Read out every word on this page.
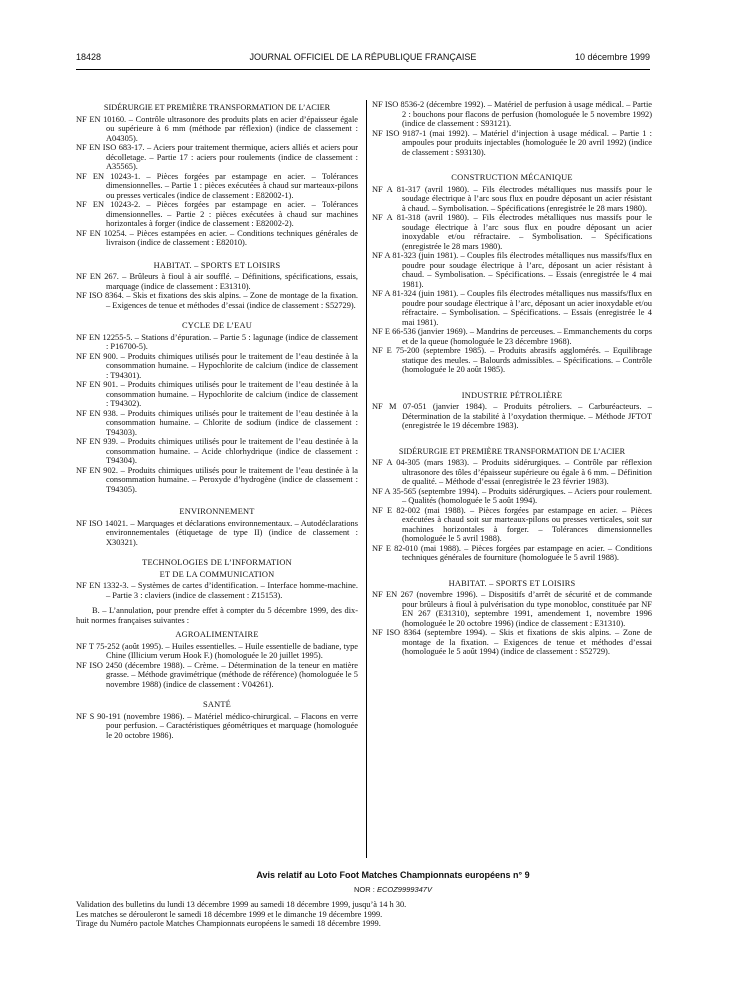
18428	JOURNAL OFFICIEL DE LA RÉPUBLIQUE FRANÇAISE	10 décembre 1999
SIDÉRURGIE ET PREMIÈRE TRANSFORMATION DE L’ACIER

NF EN 10160. – Contrôle ultrasonore des produits plats en acier d’épaisseur égale ou supérieure à 6 mm (méthode par réflexion) (indice de classement : A04305).

NF EN ISO 683-17. – Aciers pour traitement thermique, aciers alliés et aciers pour décolletage. – Partie 17 : aciers pour roulements (indice de classement : A35565).

NF EN 10243-1. – Pièces forgées par estampage en acier. – Tolérances dimensionnelles. – Partie 1 : pièces exécutées à chaud sur marteaux-pilons ou presses verticales (indice de classement : E82002-1).

NF EN 10243-2. – Pièces forgées par estampage en acier. – Tolérances dimensionnelles. – Partie 2 : pièces exécutées à chaud sur machines horizontales à forger (indice de classement : E82002-2).

NF EN 10254. – Pièces estampées en acier. – Conditions techniques générales de livraison (indice de classement : E82010).

HABITAT. – SPORTS ET LOISIRS

NF EN 267. – Brûleurs à fioul à air soufflé. – Définitions, spécifications, essais, marquage (indice de classement : E31310).

NF ISO 8364. – Skis et fixations des skis alpins. – Zone de montage de la fixation. – Exigences de tenue et méthodes d’essai (indice de classement : S52729).

CYCLE DE L’EAU

NF EN 12255-5. – Stations d’épuration. – Partie 5 : lagunage (indice de classement : P16700-5).

NF EN 900. – Produits chimiques utilisés pour le traitement de l’eau destinée à la consommation humaine. – Hypochlorite de calcium (indice de classement : T94301).

NF EN 901. – Produits chimiques utilisés pour le traitement de l’eau destinée à la consommation humaine. – Hypochlorite de calcium (indice de classement : T94302).

NF EN 938. – Produits chimiques utilisés pour le traitement de l’eau destinée à la consommation humaine. – Chlorite de sodium (indice de classement : T94303).

NF EN 939. – Produits chimiques utilisés pour le traitement de l’eau destinée à la consommation humaine. – Acide chlorhydrique (indice de classement : T94304).

NF EN 902. – Produits chimiques utilisés pour le traitement de l’eau destinée à la consommation humaine. – Peroxyde d’hydrogène (indice de classement : T94305).

ENVIRONNEMENT

NF ISO 14021. – Marquages et déclarations environnementaux. – Autodéclarations environnementales (étiquetage de type II) (indice de classement : X30321).

TECHNOLOGIES DE L’INFORMATION
ET DE LA COMMUNICATION

NF EN 1332-3. – Systèmes de cartes d’identification. – Interface homme-machine. – Partie 3 : claviers (indice de classement : Z15153).

B. – L’annulation, pour prendre effet à compter du 5 décembre 1999, des dix-huit normes françaises suivantes :

AGROALIMENTAIRE

NF T 75-252 (août 1995). – Huiles essentielles. – Huile essentielle de badiane, type Chine (Illicium verum Hook F.) (homologuée le 20 juillet 1995).

NF ISO 2450 (décembre 1988). – Crème. – Détermination de la teneur en matière grasse. – Méthode gravimétrique (méthode de référence) (homologuée le 5 novembre 1988) (indice de classement : V04261).

SANTÉ

NF S 90-191 (novembre 1986). – Matériel médico-chirurgical. – Flacons en verre pour perfusion. – Caractéristiques géométriques et marquage (homologuée le 20 octobre 1986).

NF ISO 8536-2 (décembre 1992). – Matériel de perfusion à usage médical. – Partie 2 : bouchons pour flacons de perfusion (homologuée le 5 novembre 1992) (indice de classement : S93121).

NF ISO 9187-1 (mai 1992). – Matériel d’injection à usage médical. – Partie 1 : ampoules pour produits injectables (homologuée le 20 avril 1992) (indice de classement : S93130).

CONSTRUCTION MÉCANIQUE

NF A 81-317 (avril 1980). – Fils électrodes métalliques nus massifs pour le soudage électrique à l’arc sous flux en poudre déposant un acier résistant à chaud. – Symbolisation. – Spécifications (enregistrée le 28 mars 1980).

NF A 81-318 (avril 1980). – Fils électrodes métalliques nus massifs pour le soudage électrique à l’arc sous flux en poudre déposant un acier inoxydable et/ou réfractaire. – Symbolisation. – Spécifications (enregistrée le 28 mars 1980).

NF A 81-323 (juin 1981). – Couples fils électrodes métalliques nus massifs/flux en poudre pour soudage électrique à l’arc, déposant un acier résistant à chaud. – Symbolisation. – Spécifications. – Essais (enregistrée le 4 mai 1981).

NF A 81-324 (juin 1981). – Couples fils électrodes métalliques nus massifs/flux en poudre pour soudage électrique à l’arc, déposant un acier inoxydable et/ou réfractaire. – Symbolisation. – Spécifications. – Essais (enregistrée le 4 mai 1981).

NF E 66-536 (janvier 1969). – Mandrins de perceuses. – Emmanchements du corps et de la queue (homologuée le 23 décembre 1968).

NF E 75-200 (septembre 1985). – Produits abrasifs agglomérés. – Equilibrage statique des meules. – Balourds admissibles. – Spécifications. – Contrôle (homologuée le 20 août 1985).

INDUSTRIE PÉTROLIÈRE

NF M 07-051 (janvier 1984). – Produits pétroliers. – Carburéacteurs. – Détermination de la stabilité à l’oxydation thermique. – Méthode JFTOT (enregistrée le 19 décembre 1983).

SIDÉRURGIE ET PREMIÈRE TRANSFORMATION DE L’ACIER

NF A 04-305 (mars 1983). – Produits sidérurgiques. – Contrôle par réflexion ultrasonore des tôles d’épaisseur supérieure ou égale à 6 mm. – Définition de qualité. – Méthode d’essai (enregistrée le 23 février 1983).

NF A 35-565 (septembre 1994). – Produits sidérurgiques. – Aciers pour roulement. – Qualités (homologuée le 5 août 1994).

NF E 82-002 (mai 1988). – Pièces forgées par estampage en acier. – Pièces exécutées à chaud soit sur marteaux-pilons ou presses verticales, soit sur machines horizontales à forger. – Tolérances dimensionnelles (homologuée le 5 avril 1988).

NF E 82-010 (mai 1988). – Pièces forgées par estampage en acier. – Conditions techniques générales de fourniture (homologuée le 5 avril 1988).

HABITAT. – SPORTS ET LOISIRS

NF EN 267 (novembre 1996). – Dispositifs d’arrêt de sécurité et de commande pour brûleurs à fioul à pulvérisation du type monobloc, constituée par NF EN 267 (E31310), septembre 1991, amendement 1, novembre 1996 (homologuée le 20 octobre 1996) (indice de classement : E31310).

NF ISO 8364 (septembre 1994). – Skis et fixations de skis alpins. – Zone de montage de la fixation. – Exigences de tenue et méthodes d’essai (homologuée le 5 août 1994) (indice de classement : S52729).

Avis relatif au Loto Foot Matches Championnats européens n° 9
NOR : ECOZ9999347V

Validation des bulletins du lundi 13 décembre 1999 au samedi 18 décembre 1999, jusqu’à 14 h 30.

Les matches se dérouleront le samedi 18 décembre 1999 et le dimanche 19 décembre 1999.

Tirage du Numéro pactole Matches Championnats européens le samedi 18 décembre 1999.
